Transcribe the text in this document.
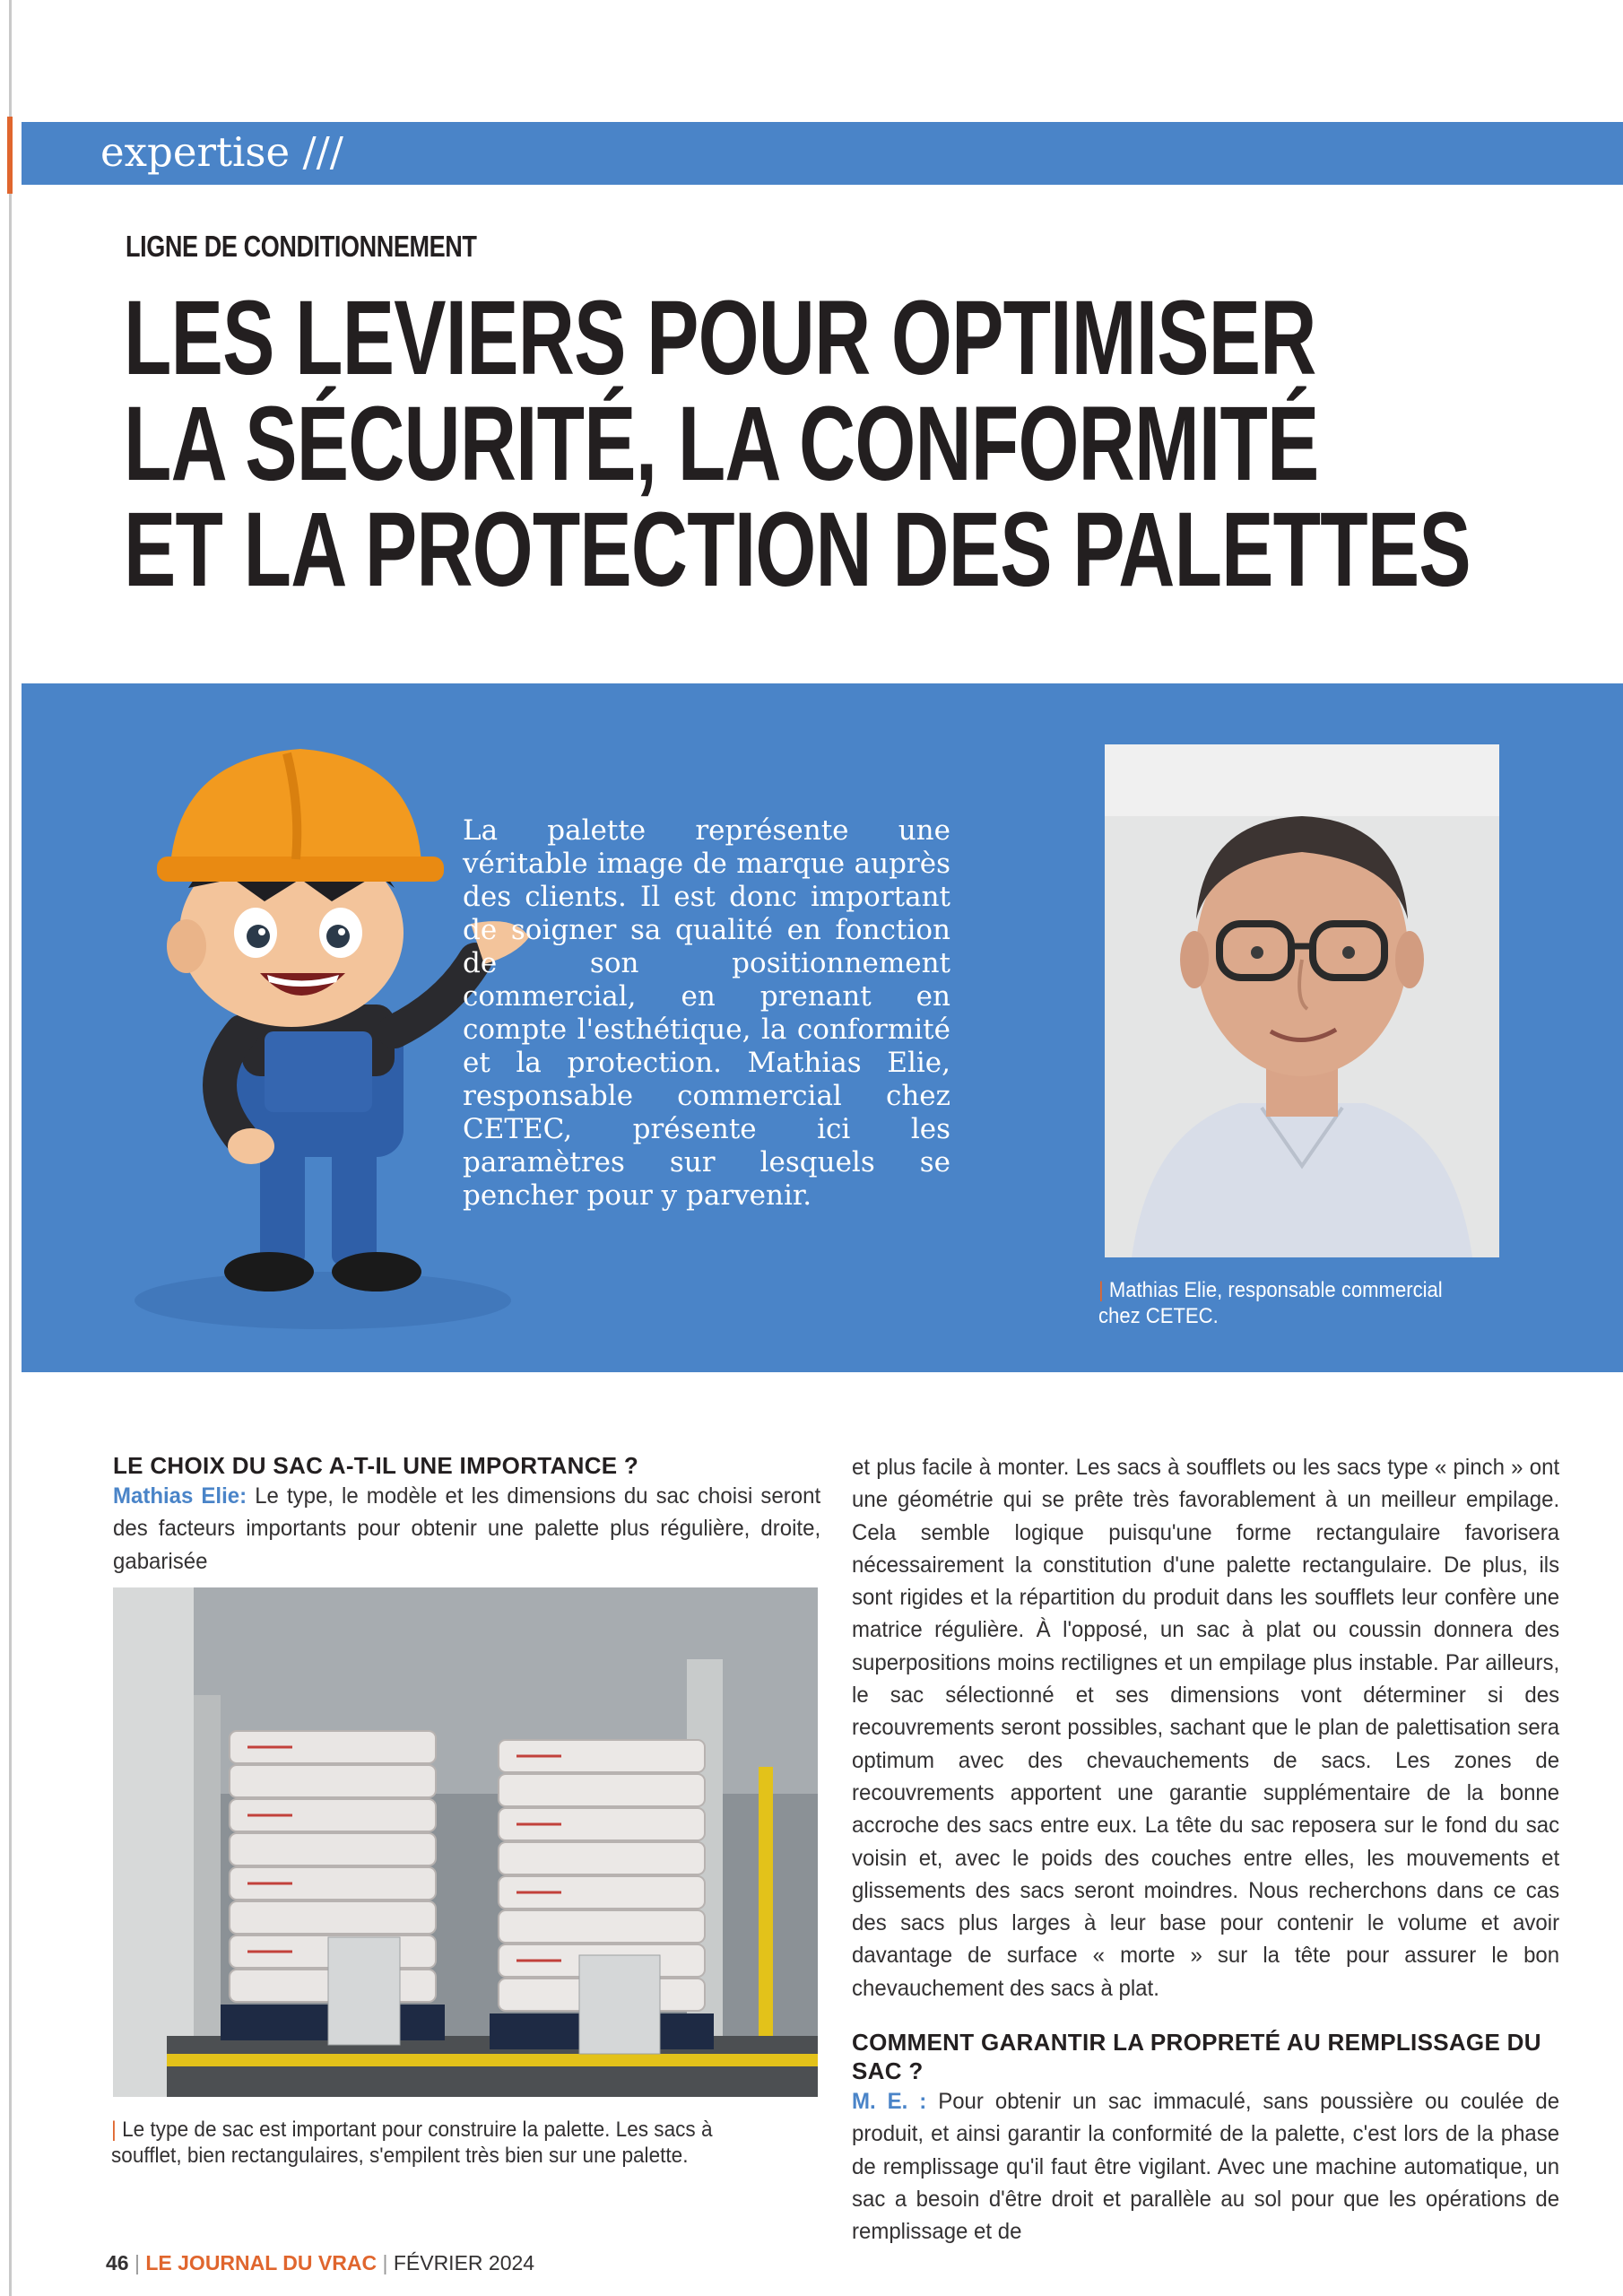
expertise ///
LIGNE DE CONDITIONNEMENT
LES LEVIERS POUR OPTIMISER
LA SÉCURITÉ, LA CONFORMITÉ
ET LA PROTECTION DES PALETTES

La palette représente une véritable image de marque auprès des clients. Il est donc important de soigner sa qualité en fonction de son positionnement commercial, en prenant en compte l'esthétique, la conformité et la protection. Mathias Elie, responsable commercial chez CETEC, présente ici les paramètres sur lesquels se pencher pour y parvenir.

| Mathias Elie, responsable commercial chez CETEC.
LE CHOIX DU SAC A-T-IL UNE IMPORTANCE ?

Mathias Elie: Le type, le modèle et les dimensions du sac choisi seront des facteurs importants pour obtenir une palette plus régulière, droite, gabarisée

| Le type de sac est important pour construire la palette. Les sacs à soufflet, bien rectangulaires, s'empilent très bien sur une palette.

et plus facile à monter. Les sacs à soufflets ou les sacs type « pinch » ont une géométrie qui se prête très favorablement à un meilleur empilage. Cela semble logique puisqu'une forme rectangulaire favorisera nécessairement la constitution d'une palette rectangulaire. De plus, ils sont rigides et la répartition du produit dans les soufflets leur confère une matrice régulière. À l'opposé, un sac à plat ou coussin donnera des superpositions moins rectilignes et un empilage plus instable. Par ailleurs, le sac sélectionné et ses dimensions vont déterminer si des recouvrements seront possibles, sachant que le plan de palettisation sera optimum avec des chevauchements de sacs. Les zones de recouvrements apportent une garantie supplémentaire de la bonne accroche des sacs entre eux. La tête du sac reposera sur le fond du sac voisin et, avec le poids des couches entre elles, les mouvements et glissements des sacs seront moindres. Nous recherchons dans ce cas des sacs plus larges à leur base pour contenir le volume et avoir davantage de surface « morte » sur la tête pour assurer le bon chevauchement des sacs à plat.

COMMENT GARANTIR LA PROPRETÉ AU REMPLISSAGE DU SAC ?

M. E. : Pour obtenir un sac immaculé, sans poussière ou coulée de produit, et ainsi garantir la conformité de la palette, c'est lors de la phase de remplissage qu'il faut être vigilant. Avec une machine automatique, un sac a besoin d'être droit et parallèle au sol pour que les opérations de remplissage et de

46 | LE JOURNAL DU VRAC | FÉVRIER 2024
